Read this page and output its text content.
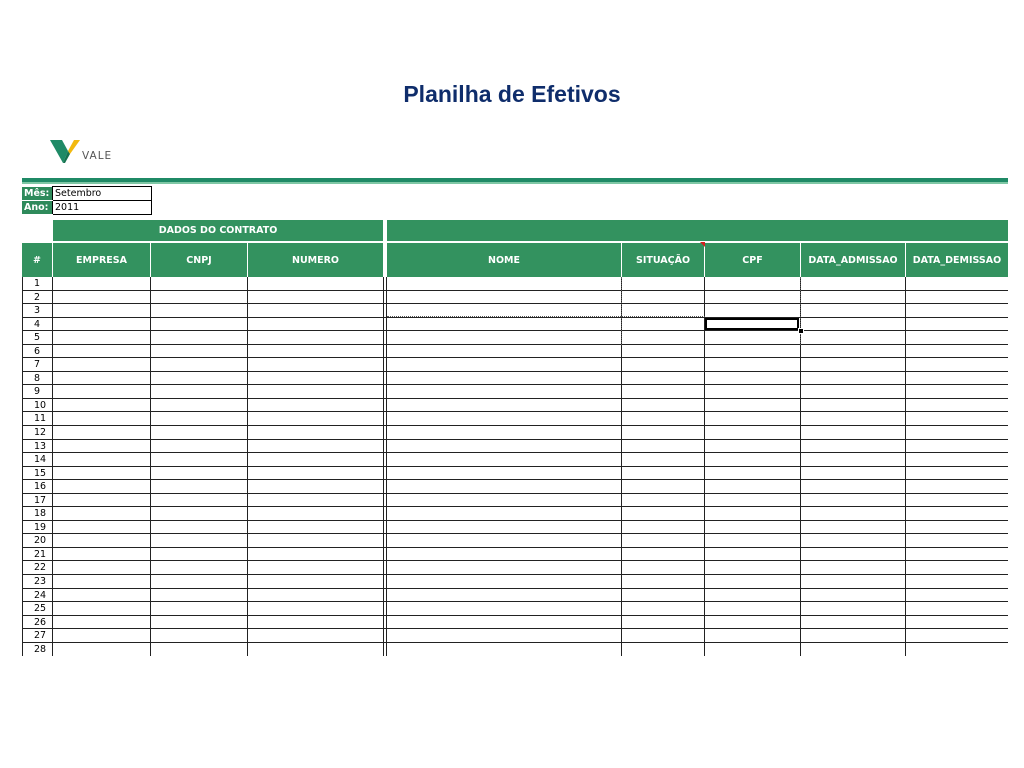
Planilha de Efetivos
VALE
Mês:	Setembro
Ano:	2011
DADOS DO CONTRATO
#	EMPRESA	CNPJ	NUMERO	NOME	SITUAÇÃO	CPF	DATA_ADMISSAO	DATA_DEMISSAO
1
2
3
4
5
6
7
8
9
10
11
12
13
14
15
16
17
18
19
20
21
22
23
24
25
26
27
28
